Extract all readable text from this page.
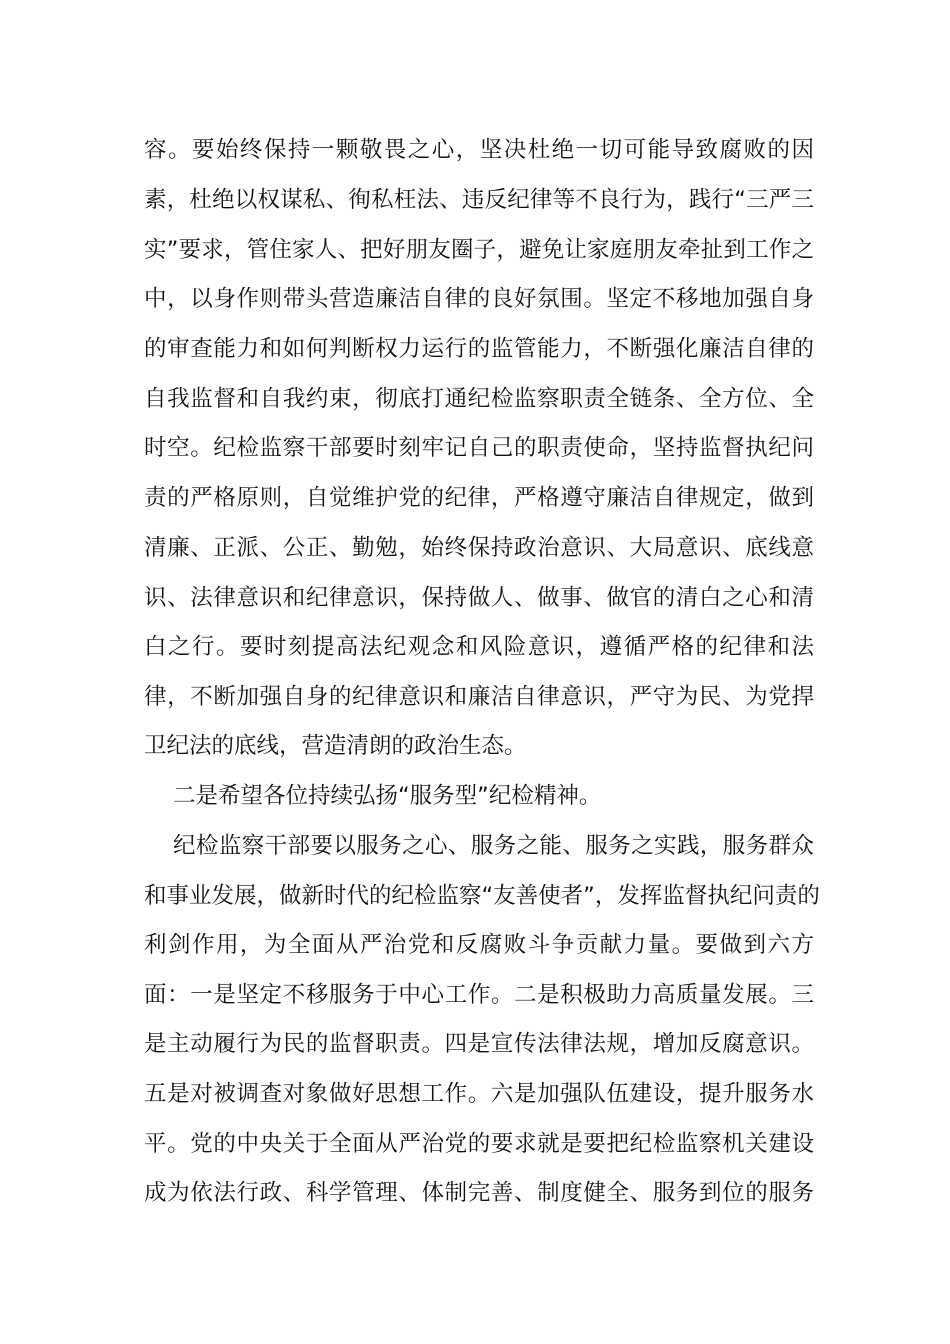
容。要始终保持一颗敬畏之心，坚决杜绝一切可能导致腐败的因
素，杜绝以权谋私、徇私枉法、违反纪律等不良行为，践行“三严三
实”要求，管住家人、把好朋友圈子，避免让家庭朋友牵扯到工作之
中，以身作则带头营造廉洁自律的良好氛围。坚定不移地加强自身
的审查能力和如何判断权力运行的监管能力，不断强化廉洁自律的
自我监督和自我约束，彻底打通纪检监察职责全链条、全方位、全
时空。纪检监察干部要时刻牢记自己的职责使命，坚持监督执纪问
责的严格原则，自觉维护党的纪律，严格遵守廉洁自律规定，做到
清廉、正派、公正、勤勉，始终保持政治意识、大局意识、底线意
识、法律意识和纪律意识，保持做人、做事、做官的清白之心和清
白之行。要时刻提高法纪观念和风险意识，遵循严格的纪律和法
律，不断加强自身的纪律意识和廉洁自律意识，严守为民、为党捍
卫纪法的底线，营造清朗的政治生态。
二是希望各位持续弘扬“服务型”纪检精神。
纪检监察干部要以服务之心、服务之能、服务之实践，服务群众
和事业发展，做新时代的纪检监察“友善使者”，发挥监督执纪问责的
利剑作用，为全面从严治党和反腐败斗争贡献力量。要做到六方
面：一是坚定不移服务于中心工作。二是积极助力高质量发展。三
是主动履行为民的监督职责。四是宣传法律法规，增加反腐意识。
五是对被调查对象做好思想工作。六是加强队伍建设，提升服务水
平。党的中央关于全面从严治党的要求就是要把纪检监察机关建设
成为依法行政、科学管理、体制完善、制度健全、服务到位的服务
